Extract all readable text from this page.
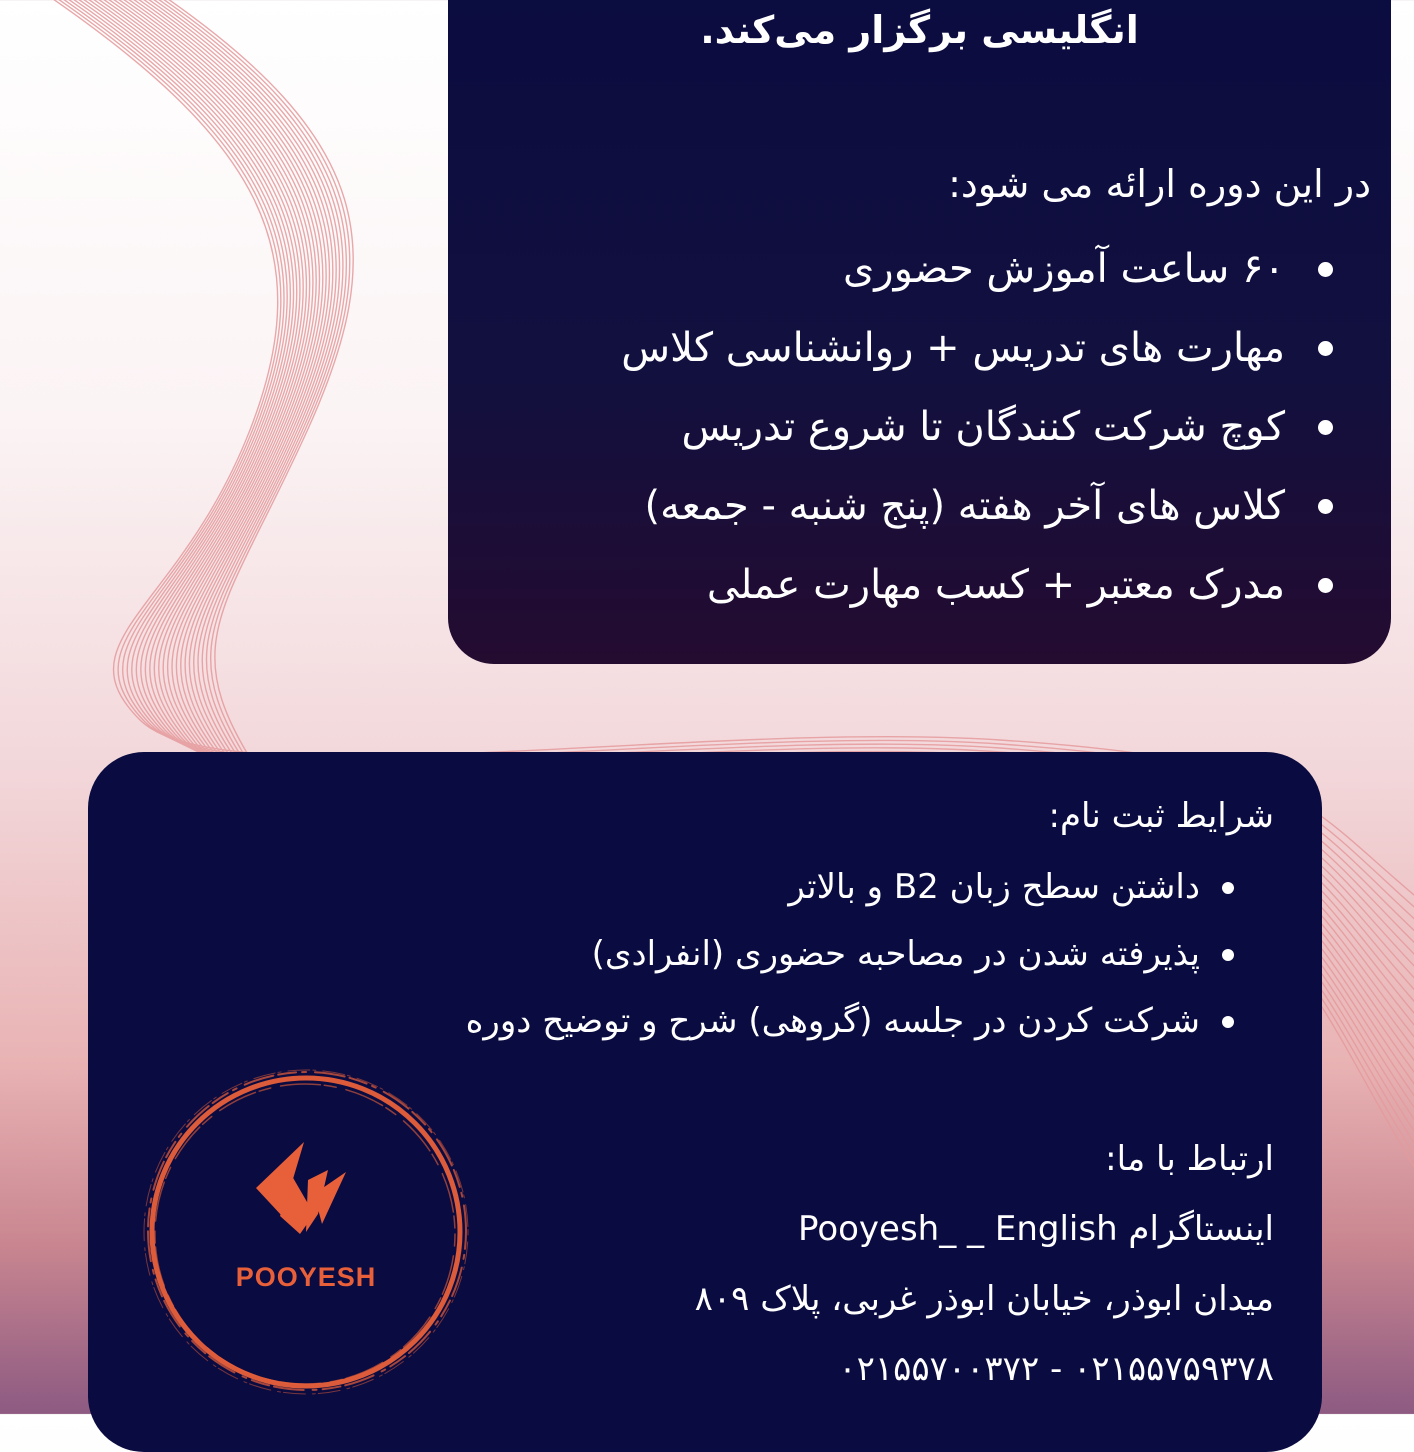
انگلیسی برگزار می‌کند.
در این دوره ارائه می شود:
۶۰ ساعت آموزش حضوری
مهارت های تدریس + روانشناسی کلاس
کوچ شرکت کنندگان تا شروع تدریس
کلاس های آخر هفته (پنج شنبه - جمعه)
مدرک معتبر + کسب مهارت عملی
شرایط ثبت نام:
داشتن سطح زبان B2 و بالاتر
پذیرفته شدن در مصاحبه حضوری (انفرادی)
شرکت کردن در جلسه (گروهی) شرح و توضیح دوره
ارتباط با ما:
اینستاگرام Pooyesh_ _ English
میدان ابوذر، خیابان ابوذر غربی، پلاک ۸۰۹
۰۲۱۵۵۷۵۹۳۷۸ - ۰۲۱۵۵۷۰۰۳۷۲
POOYESH
